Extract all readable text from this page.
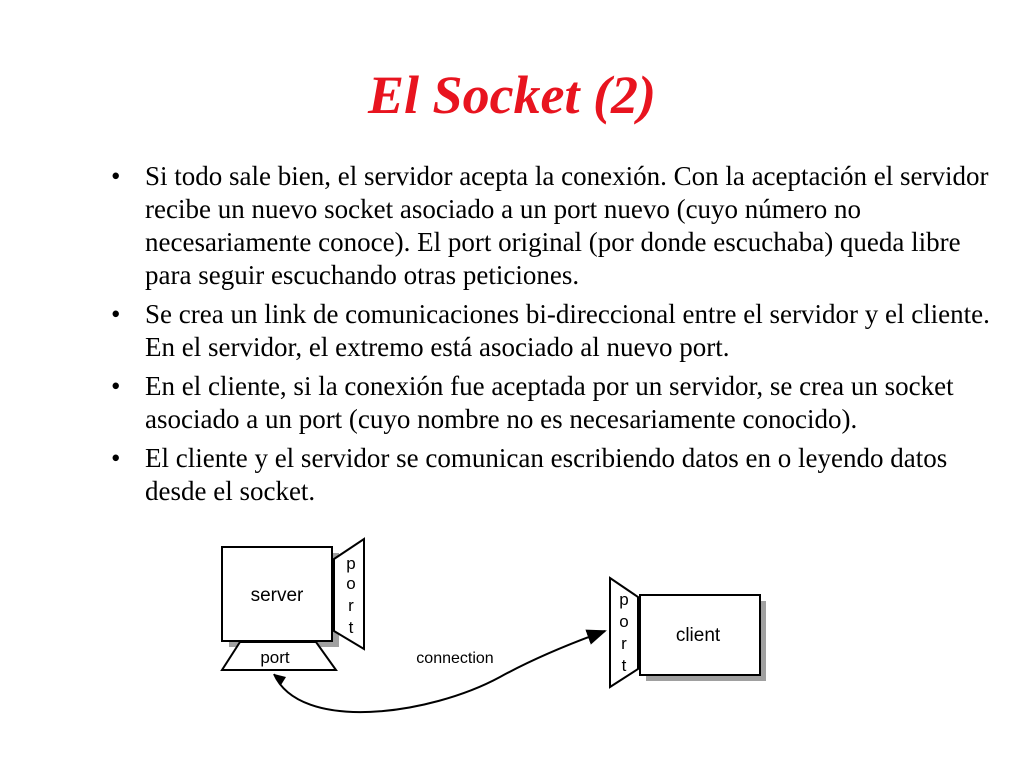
El Socket (2)
• Si todo sale bien, el servidor acepta la conexión. Con la aceptación el servidor recibe un nuevo socket asociado a un port nuevo (cuyo número no necesariamente conoce). El port original (por donde escuchaba) queda libre para seguir escuchando otras peticiones.
• Se crea un link de comunicaciones bi-direccional entre el servidor y el cliente. En el servidor, el extremo está asociado al nuevo port.
• En el cliente, si la conexión fue aceptada por un servidor, se crea un socket asociado a un port (cuyo nombre no es necesariamente conocido).
• El cliente y el servidor se comunican escribiendo datos en o leyendo datos desde el socket.
server
p
o
r
t
port	connection
p
o
r
t
client
